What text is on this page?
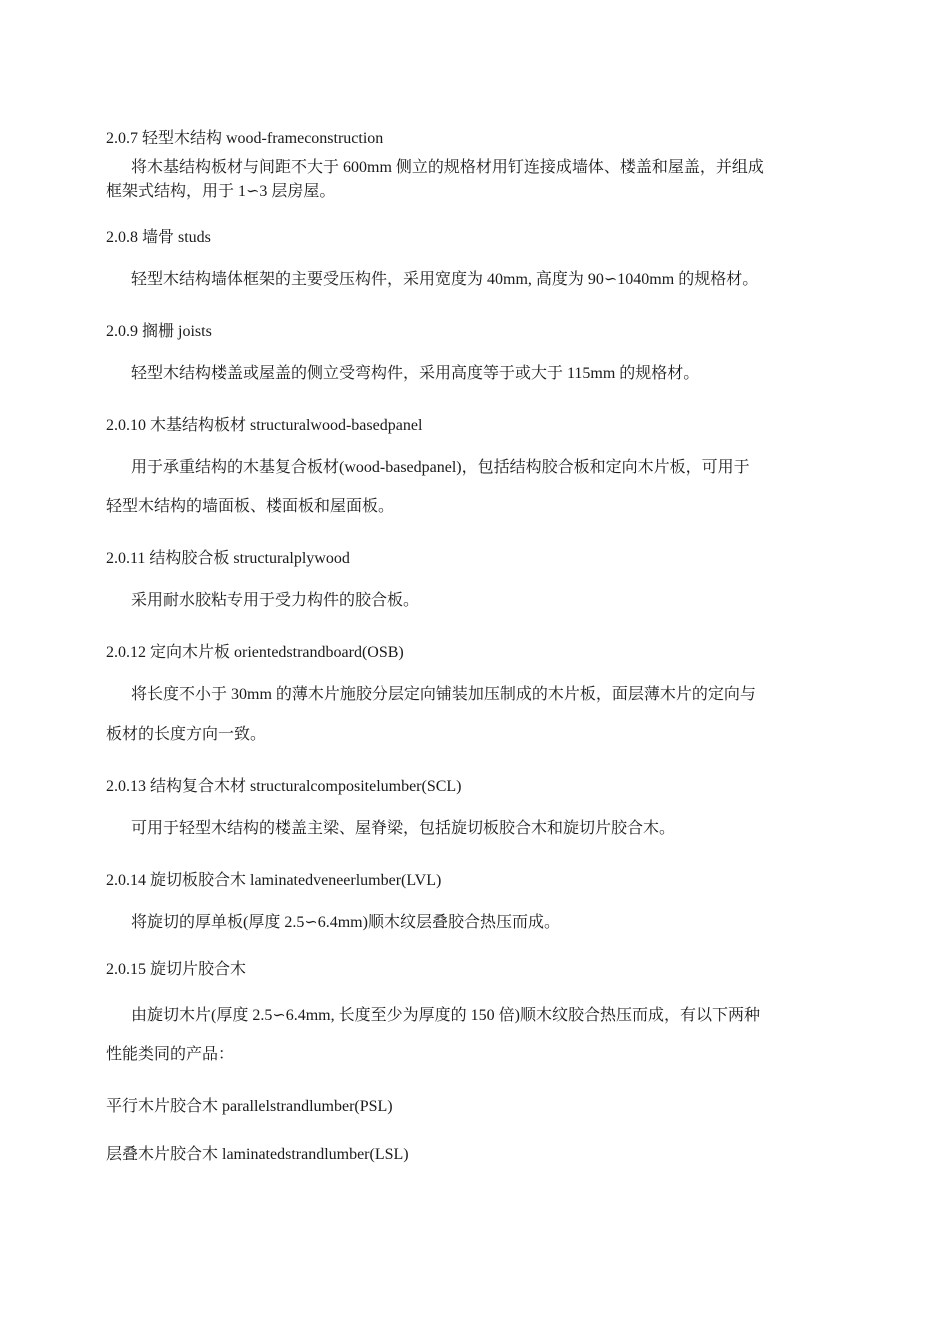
2.0.7 轻型木结构 wood-frameconstruction
将木基结构板材与间距不大于 600mm 侧立的规格材用钉连接成墙体、楼盖和屋盖，并组成
框架式结构，用于 1∽3 层房屋。
2.0.8 墙骨 studs
轻型木结构墙体框架的主要受压构件，采用宽度为 40mm, 高度为 90∽1040mm 的规格材。
2.0.9 搁栅 joists
轻型木结构楼盖或屋盖的侧立受弯构件，采用高度等于或大于 115mm 的规格材。
2.0.10 木基结构板材 structuralwood-basedpanel
用于承重结构的木基复合板材(wood-basedpanel)，包括结构胶合板和定向木片板，可用于
轻型木结构的墙面板、楼面板和屋面板。
2.0.11 结构胶合板 structuralplywood
采用耐水胶粘专用于受力构件的胶合板。
2.0.12 定向木片板 orientedstrandboard(OSB)
将长度不小于 30mm 的薄木片施胶分层定向铺装加压制成的木片板，面层薄木片的定向与
板材的长度方向一致。
2.0.13 结构复合木材 structuralcompositelumber(SCL)
可用于轻型木结构的楼盖主梁、屋脊梁，包括旋切板胶合木和旋切片胶合木。
2.0.14 旋切板胶合木 laminatedveneerlumber(LVL)
将旋切的厚单板(厚度 2.5∽6.4mm)顺木纹层叠胶合热压而成。
2.0.15 旋切片胶合木
由旋切木片(厚度 2.5∽6.4mm, 长度至少为厚度的 150 倍)顺木纹胶合热压而成，有以下两种
性能类同的产品：
平行木片胶合木 parallelstrandlumber(PSL)
层叠木片胶合木 laminatedstrandlumber(LSL)
